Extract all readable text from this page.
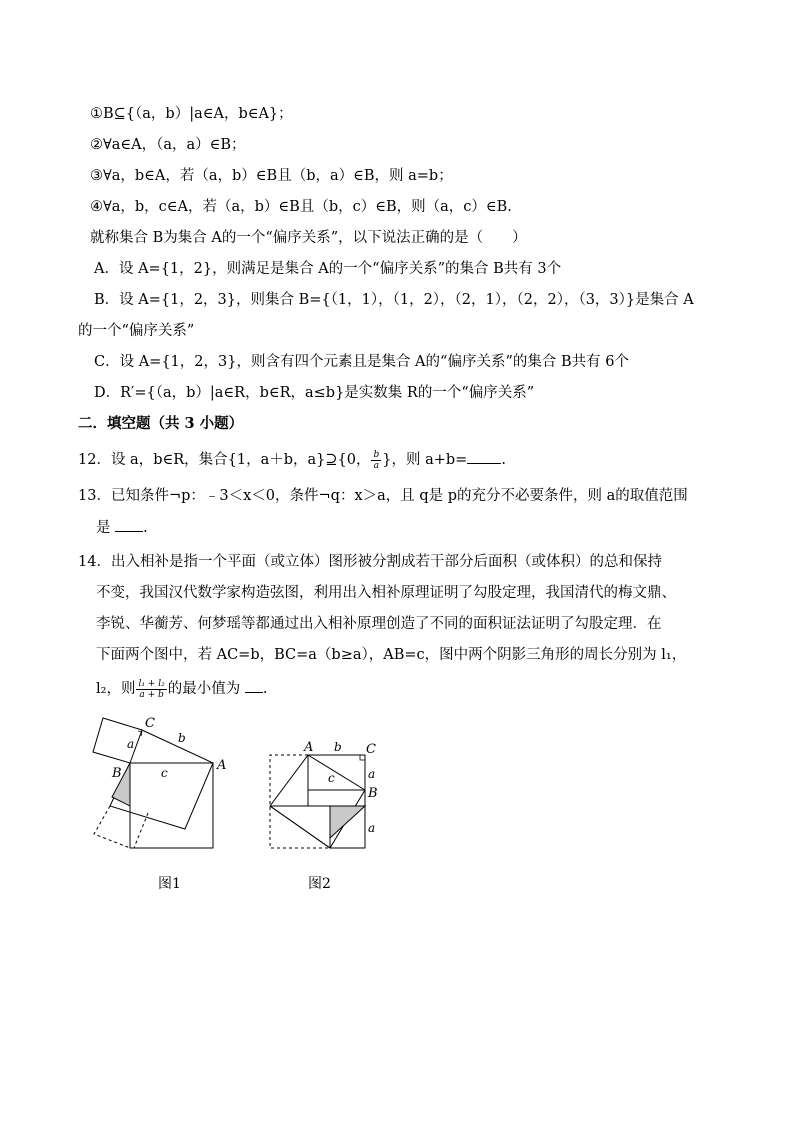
①B⊆{（a，b）|a∈A，b∈A}；
②∀a∈A，（a，a）∈B；
③∀a，b∈A，若（a，b）∈B且（b，a）∈B，则 a=b；
④∀a，b，c∈A，若（a，b）∈B且（b，c）∈B，则（a，c）∈B.
就称集合 B为集合 A的一个“偏序关系”，以下说法正确的是（　　）
A．设 A={1，2}，则满足是集合 A的一个“偏序关系”的集合 B共有 3个
B．设 A={1，2，3}，则集合 B={（1，1），（1，2），（2，1），（2，2），（3，3）}是集合 A
的一个“偏序关系”
C．设 A={1，2，3}，则含有四个元素且是集合 A的“偏序关系”的集合 B共有 6个
D．R′={（a，b）|a∈R，b∈R，a≤b}是实数集 R的一个“偏序关系”
二．填空题（共 3 小题）
12．设 a，b∈R，集合{1，a＋b，a}⊇{0， $\frac{b}{a}$ }，则 a+b= .
13．已知条件¬p：﹣3＜x＜0，条件¬q：x＞a，且 q是 p的充分不必要条件，则 a的取值范围
是 .
14．出入相补是指一个平面（或立体）图形被分割成若干部分后面积（或体积）的总和保持
不变，我国汉代数学家构造弦图，利用出入相补原理证明了勾股定理，我国清代的梅文鼎、
李锐、华蘅芳、何梦瑶等都通过出入相补原理创造了不同的面积证法证明了勾股定理．在
下面两个图中，若 AC=b，BC=a（b≥a），AB=c，图中两个阴影三角形的周长分别为 l₁，
l₂，则 $\frac{\text{l₁ + l₂}}{a + b}$ 的最小值为 .
C
A
B
a	b
c
图1
A b C
c	a
B
a
图2
